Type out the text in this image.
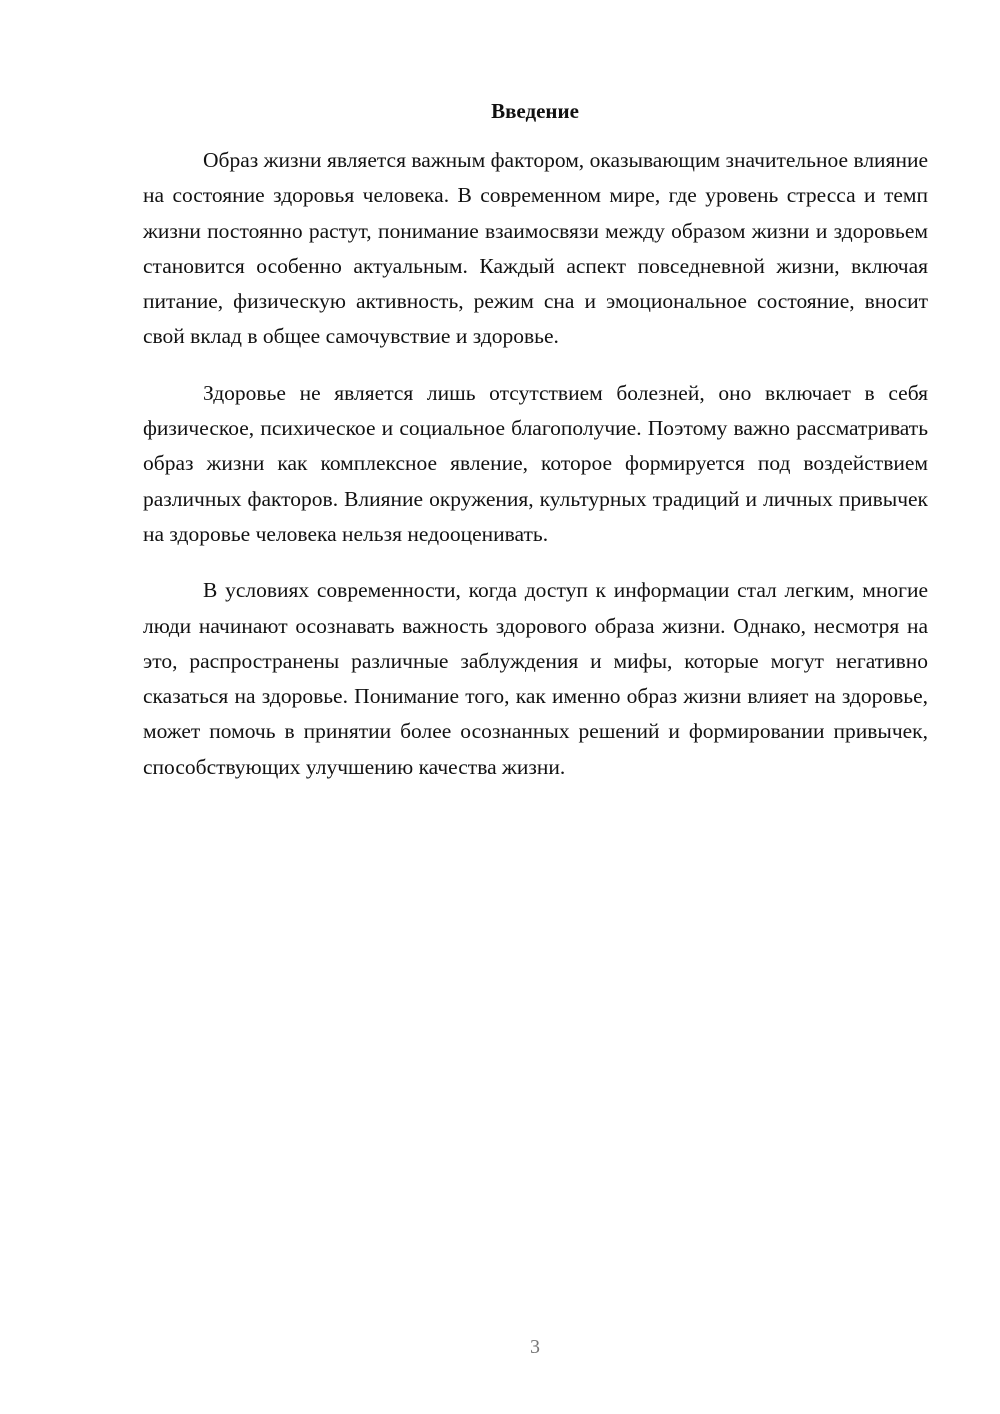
Введение

Образ жизни является важным фактором, оказывающим значительное влияние на состояние здоровья человека. В современном мире, где уровень стресса и темп жизни постоянно растут, понимание взаимосвязи между образом жизни и здоровьем становится особенно актуальным. Каждый аспект повседневной жизни, включая питание, физическую активность, режим сна и эмоциональное состояние, вносит свой вклад в общее самочувствие и здоровье.

Здоровье не является лишь отсутствием болезней, оно включает в себя физическое, психическое и социальное благополучие. Поэтому важно рассматривать образ жизни как комплексное явление, которое формируется под воздействием различных факторов. Влияние окружения, культурных традиций и личных привычек на здоровье человека нельзя недооценивать.

В условиях современности, когда доступ к информации стал легким, многие люди начинают осознавать важность здорового образа жизни. Однако, несмотря на это, распространены различные заблуждения и мифы, которые могут негативно сказаться на здоровье. Понимание того, как именно образ жизни влияет на здоровье, может помочь в принятии более осознанных решений и формировании привычек, способствующих улучшению качества жизни.

3
